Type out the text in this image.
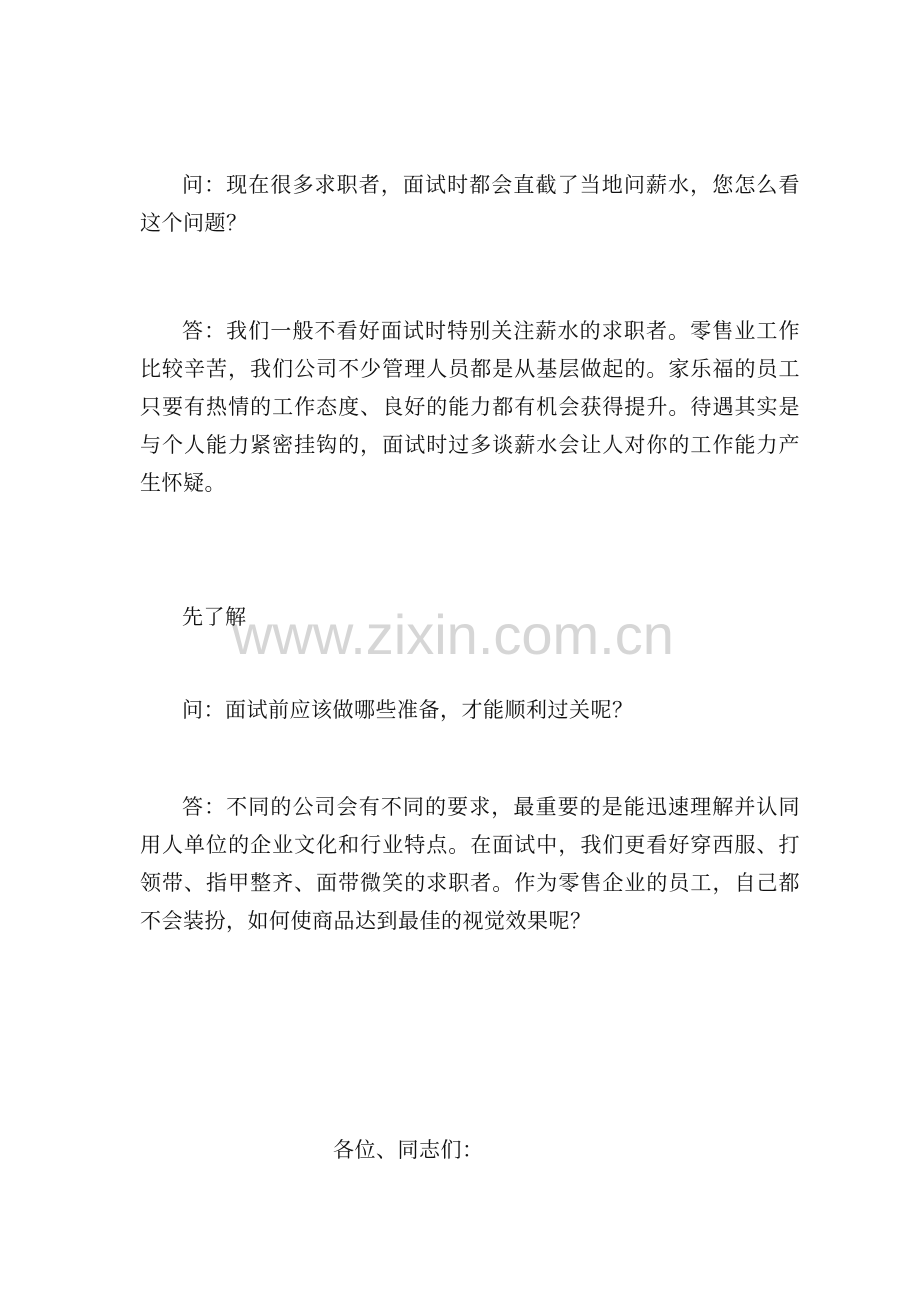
www.zixin.com.cn

问：现在很多求职者，面试时都会直截了当地问薪水，您怎么看这个问题？

答：我们一般不看好面试时特别关注薪水的求职者。零售业工作比较辛苦，我们公司不少管理人员都是从基层做起的。家乐福的员工只要有热情的工作态度、良好的能力都有机会获得提升。待遇其实是与个人能力紧密挂钩的，面试时过多谈薪水会让人对你的工作能力产生怀疑。

先了解

问：面试前应该做哪些准备，才能顺利过关呢？

答：不同的公司会有不同的要求，最重要的是能迅速理解并认同用人单位的企业文化和行业特点。在面试中，我们更看好穿西服、打领带、指甲整齐、面带微笑的求职者。作为零售企业的员工，自己都不会装扮，如何使商品达到最佳的视觉效果呢？

各位、同志们：
